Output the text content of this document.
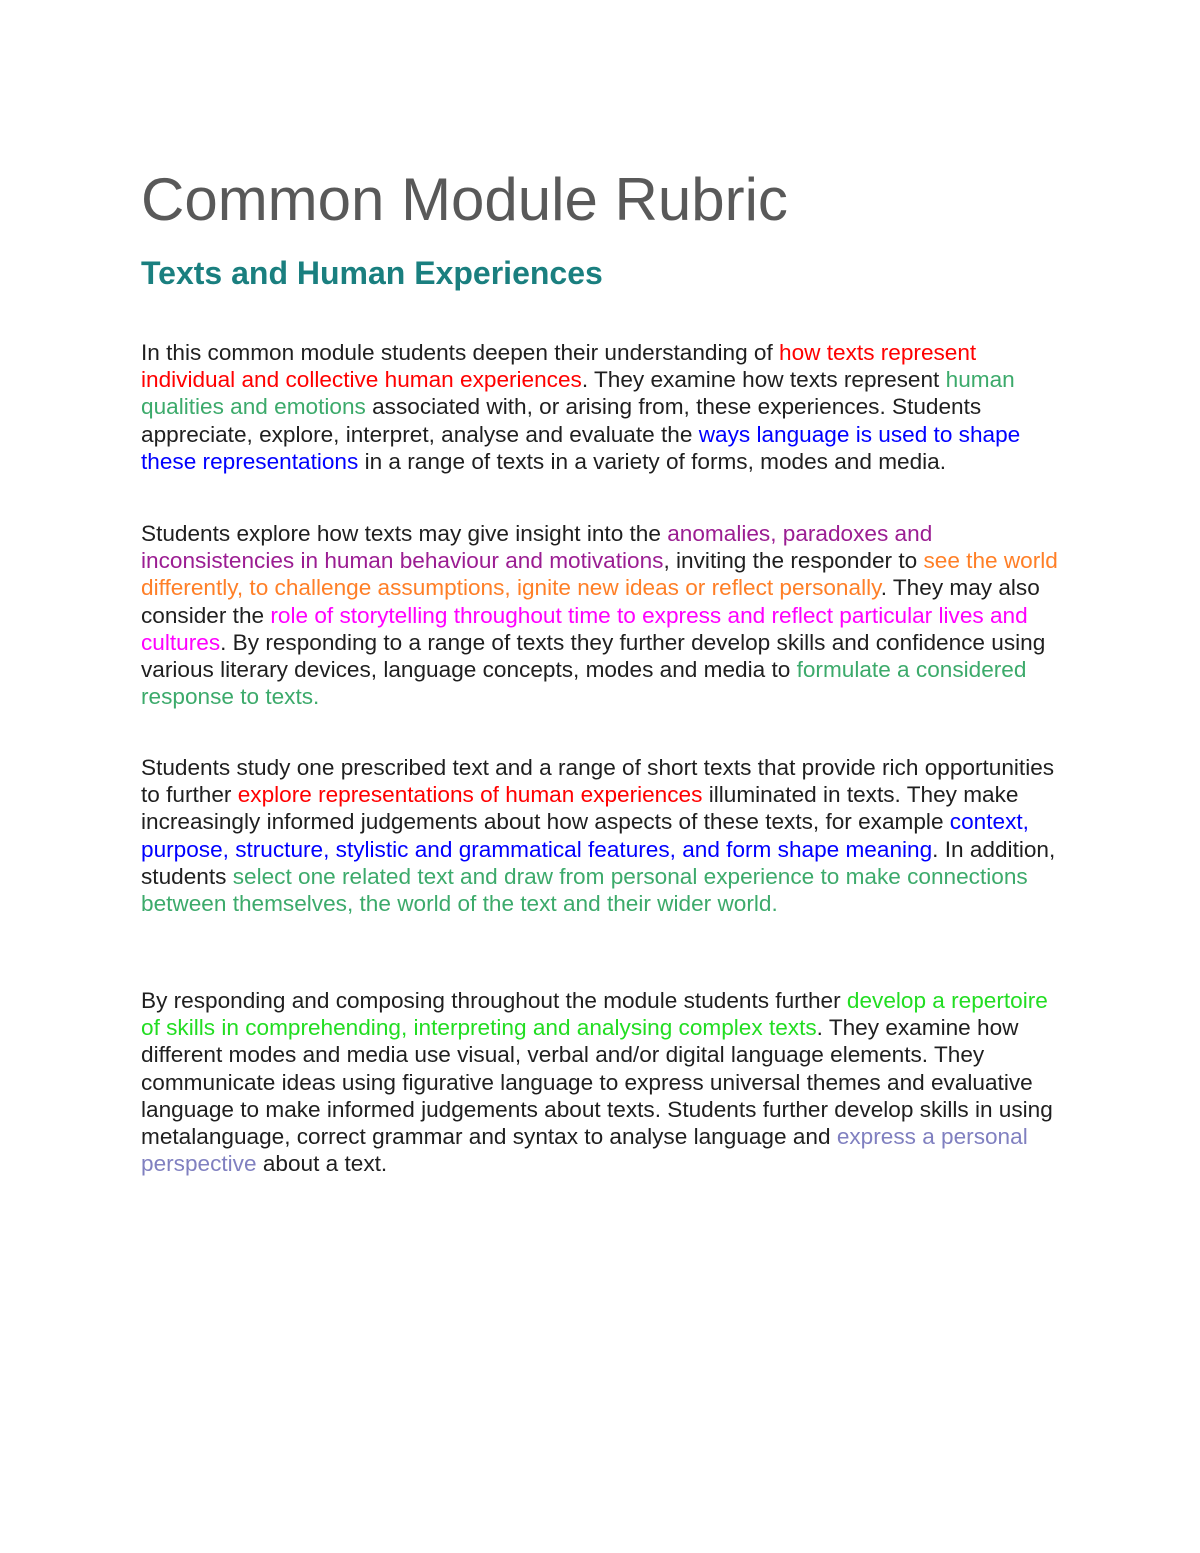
Common Module Rubric
Texts and Human Experiences

In this common module students deepen their understanding of how texts represent individual and collective human experiences. They examine how texts represent human qualities and emotions associated with, or arising from, these experiences. Students appreciate, explore, interpret, analyse and evaluate the ways language is used to shape these representations in a range of texts in a variety of forms, modes and media.

Students explore how texts may give insight into the anomalies, paradoxes and inconsistencies in human behaviour and motivations, inviting the responder to see the world differently, to challenge assumptions, ignite new ideas or reflect personally. They may also consider the role of storytelling throughout time to express and reflect particular lives and cultures. By responding to a range of texts they further develop skills and confidence using various literary devices, language concepts, modes and media to formulate a considered response to texts.

Students study one prescribed text and a range of short texts that provide rich opportunities to further explore representations of human experiences illuminated in texts. They make increasingly informed judgements about how aspects of these texts, for example context, purpose, structure, stylistic and grammatical features, and form shape meaning. In addition, students select one related text and draw from personal experience to make connections between themselves, the world of the text and their wider world.

By responding and composing throughout the module students further develop a repertoire of skills in comprehending, interpreting and analysing complex texts. They examine how different modes and media use visual, verbal and/or digital language elements. They communicate ideas using figurative language to express universal themes and evaluative language to make informed judgements about texts. Students further develop skills in using metalanguage, correct grammar and syntax to analyse language and express a personal perspective about a text.
